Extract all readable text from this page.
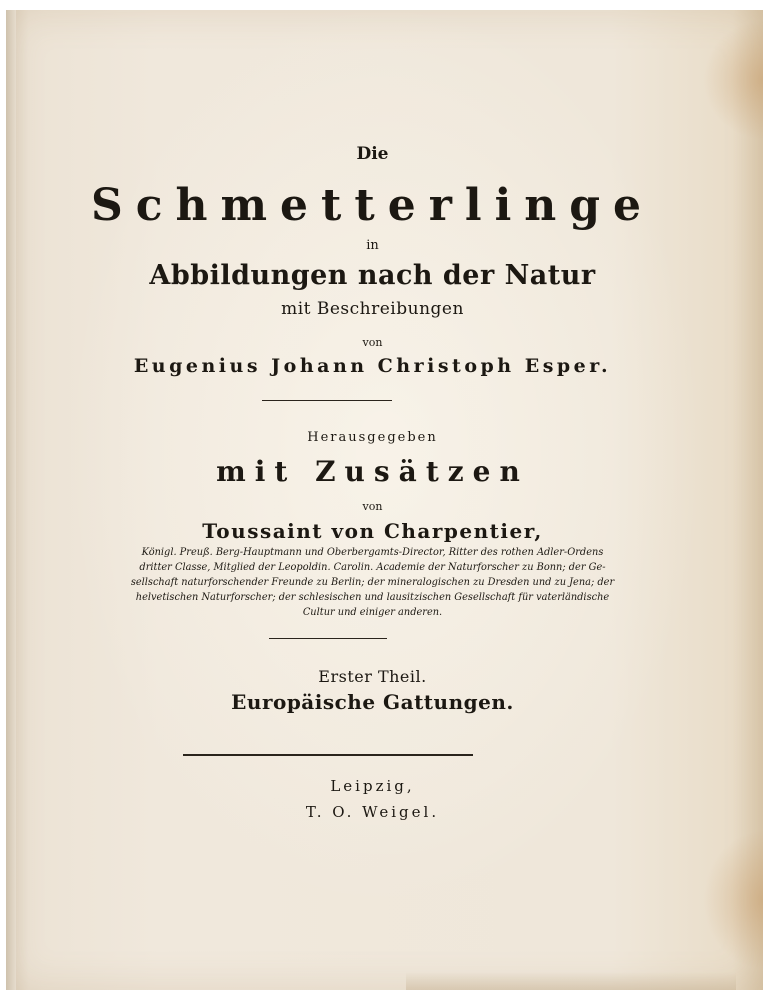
Die
Schmetterlinge
in
Abbildungen nach der Natur
mit Beschreibungen
von
Eugenius Johann Christoph Esper.
Herausgegeben
mit Zusätzen
von
Toussaint von Charpentier,
Königl. Preuß. Berg-Hauptmann und Oberbergamts-Director, Ritter des rothen Adler-Ordens
dritter Classe, Mitglied der Leopoldin. Carolin. Academie der Naturforscher zu Bonn; der Ge-
sellschaft naturforschender Freunde zu Berlin; der mineralogischen zu Dresden und zu Jena; der
helvetischen Naturforscher; der schlesischen und lausitzischen Gesellschaft für vaterländische
Cultur und einiger anderen.
Erster Theil.
Europäische Gattungen.
Leipzig,
T. O. Weigel.
